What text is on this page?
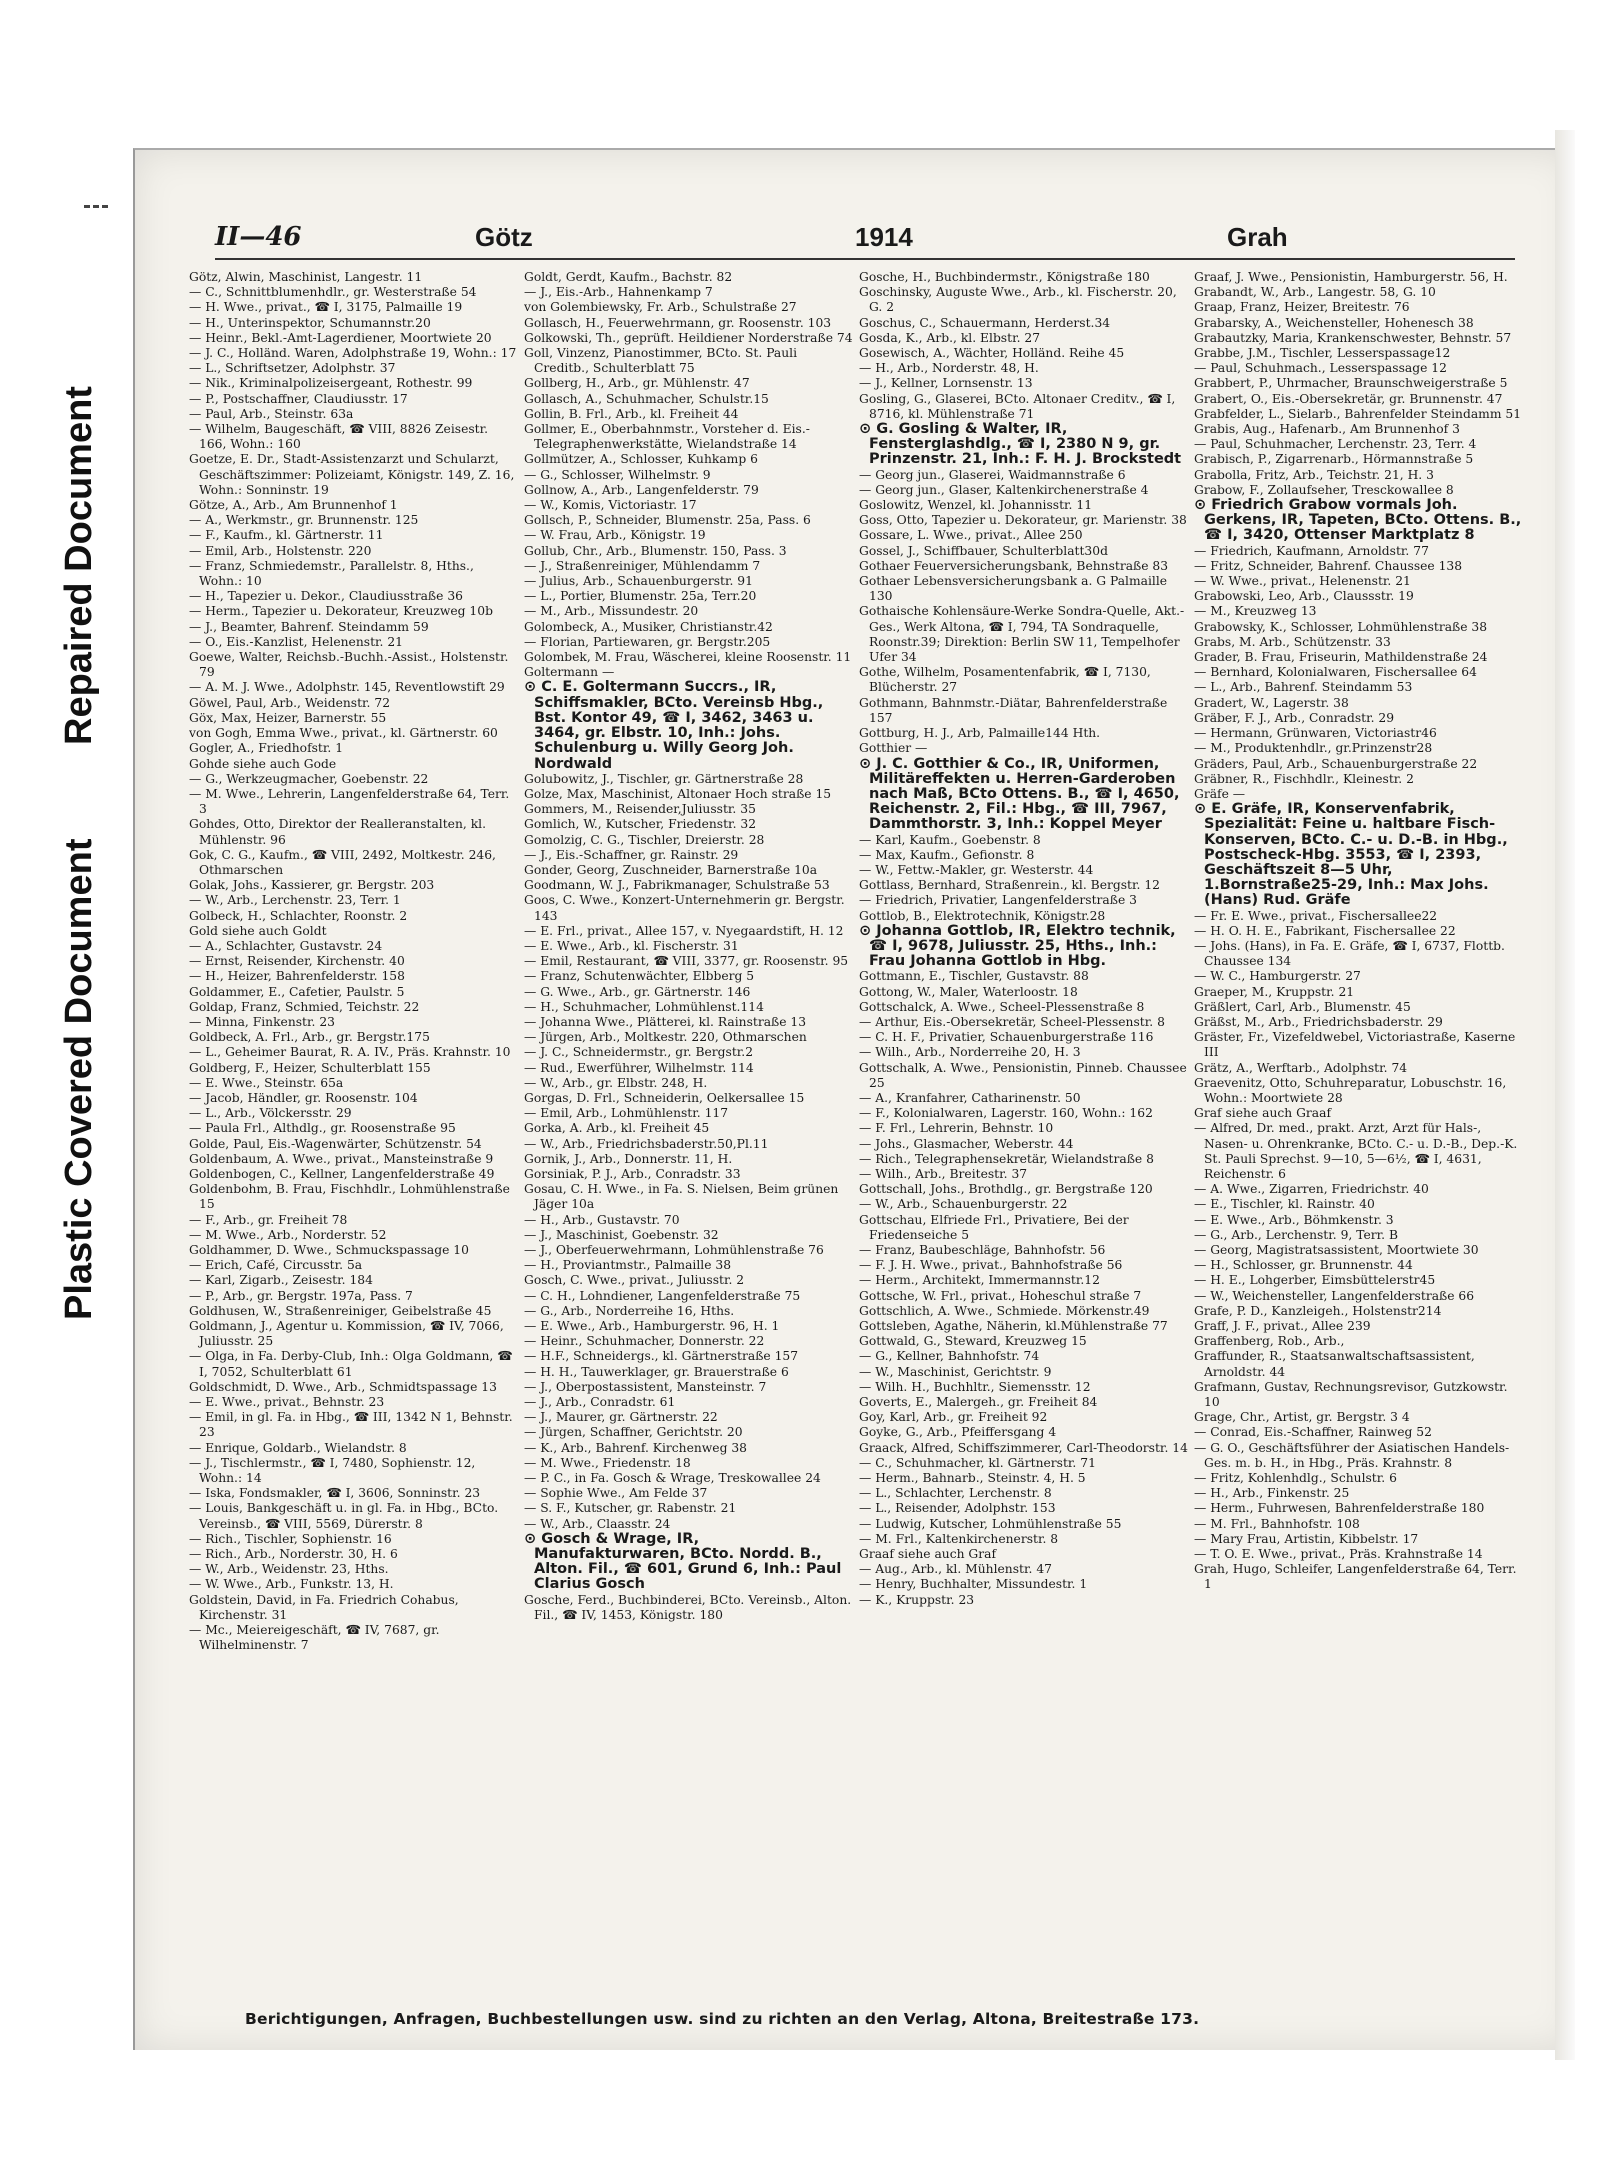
Repaired Document
Plastic Covered Document
II—46	Götz	1914	Grah
Götz, Alwin, Maschinist, Langestr. 11
— C., Schnittblumenhdlr., gr. Westerstraße 54
— H. Wwe., privat., ☎ I, 3175, Palmaille 19
— H., Unterinspektor, Schumannstr.20
— Heinr., Bekl.-Amt-Lagerdiener, Moortwiete 20
— J. C., Holländ. Waren, Adolphstraße 19, Wohn.: 17
— L., Schriftsetzer, Adolphstr. 37
— Nik., Kriminalpolizeisergeant, Rothestr. 99
— P., Postschaffner, Claudiusstr. 17
— Paul, Arb., Steinstr. 63a
— Wilhelm, Baugeschäft, ☎ VIII, 8826 Zeisestr. 166, Wohn.: 160
Goetze, E. Dr., Stadt-Assistenzarzt und Schularzt, Geschäftszimmer: Polizeiamt, Königstr. 149, Z. 16, Wohn.: Sonninstr. 19
Götze, A., Arb., Am Brunnenhof 1
— A., Werkmstr., gr. Brunnenstr. 125
— F., Kaufm., kl. Gärtnerstr. 11
— Emil, Arb., Holstenstr. 220
— Franz, Schmiedemstr., Parallelstr. 8, Hths., Wohn.: 10
— H., Tapezier u. Dekor., Claudiusstraße 36
— Herm., Tapezier u. Dekorateur, Kreuzweg 10b
— J., Beamter, Bahrenf. Steindamm 59
— O., Eis.-Kanzlist, Helenenstr. 21
Goewe, Walter, Reichsb.-Buchh.-Assist., Holstenstr. 79
— A. M. J. Wwe., Adolphstr. 145, Reventlowstift 29
Göwel, Paul, Arb., Weidenstr. 72
Göx, Max, Heizer, Barnerstr. 55
von Gogh, Emma Wwe., privat., kl. Gärtnerstr. 60
Gogler, A., Friedhofstr. 1
Gohde siehe auch Gode
— G., Werkzeugmacher, Goebenstr. 22
— M. Wwe., Lehrerin, Langenfelderstraße 64, Terr. 3
Gohdes, Otto, Direktor der Realleranstalten, kl. Mühlenstr. 96
Gok, C. G., Kaufm., ☎ VIII, 2492, Moltkestr. 246, Othmarschen
Golak, Johs., Kassierer, gr. Bergstr. 203
— W., Arb., Lerchenstr. 23, Terr. 1
Golbeck, H., Schlachter, Roonstr. 2
Gold siehe auch Goldt
— A., Schlachter, Gustavstr. 24
— Ernst, Reisender, Kirchenstr. 40
— H., Heizer, Bahrenfelderstr. 158
Goldammer, E., Cafetier, Paulstr. 5
Goldap, Franz, Schmied, Teichstr. 22
— Minna, Finkenstr. 23
Goldbeck, A. Frl., Arb., gr. Bergstr.175
— L., Geheimer Baurat, R. A. IV., Präs. Krahnstr. 10
Goldberg, F., Heizer, Schulterblatt 155
— E. Wwe., Steinstr. 65a
— Jacob, Händler, gr. Roosenstr. 104
— L., Arb., Völckersstr. 29
— Paula Frl., Althdlg., gr. Roosenstraße 95
Golde, Paul, Eis.-Wagenwärter, Schützenstr. 54
Goldenbaum, A. Wwe., privat., Mansteinstraße 9
Goldenbogen, C., Kellner, Langenfelderstraße 49
Goldenbohm, B. Frau, Fischhdlr., Lohmühlenstraße 15
— F., Arb., gr. Freiheit 78
— M. Wwe., Arb., Norderstr. 52
Goldhammer, D. Wwe., Schmuckspassage 10
— Erich, Café, Circusstr. 5a
— Karl, Zigarb., Zeisestr. 184
— P., Arb., gr. Bergstr. 197a, Pass. 7
Goldhusen, W., Straßenreiniger, Geibelstraße 45
Goldmann, J., Agentur u. Kommission, ☎ IV, 7066, Juliusstr. 25
— Olga, in Fa. Derby-Club, Inh.: Olga Goldmann, ☎ I, 7052, Schulterblatt 61
Goldschmidt, D. Wwe., Arb., Schmidtspassage 13
— E. Wwe., privat., Behnstr. 23
— Emil, in gl. Fa. in Hbg., ☎ III, 1342 N 1, Behnstr. 23
— Enrique, Goldarb., Wielandstr. 8
— J., Tischlermstr., ☎ I, 7480, Sophienstr. 12, Wohn.: 14
— Iska, Fondsmakler, ☎ I, 3606, Sonninstr. 23
— Louis, Bankgeschäft u. in gl. Fa. in Hbg., BCto. Vereinsb., ☎ VIII, 5569, Dürerstr. 8
— Rich., Tischler, Sophienstr. 16
— Rich., Arb., Norderstr. 30, H. 6
— W., Arb., Weidenstr. 23, Hths.
— W. Wwe., Arb., Funkstr. 13, H.
Goldstein, David, in Fa. Friedrich Cohabus, Kirchenstr. 31
— Mc., Meiereigeschäft, ☎ IV, 7687, gr. Wilhelminenstr. 7
Goldt, Gerdt, Kaufm., Bachstr. 82
— J., Eis.-Arb., Hahnenkamp 7
von Golembiewsky, Fr. Arb., Schulstraße 27
Gollasch, H., Feuerwehrmann, gr. Roosenstr. 103
Golkowski, Th., geprüft. Heildiener Norderstraße 74
Goll, Vinzenz, Pianostimmer, BCto. St. Pauli Creditb., Schulterblatt 75
Gollberg, H., Arb., gr. Mühlenstr. 47
Gollasch, A., Schuhmacher, Schulstr.15
Gollin, B. Frl., Arb., kl. Freiheit 44
Gollmer, E., Oberbahnmstr., Vorsteher d. Eis.-Telegraphenwerkstätte, Wielandstraße 14
Gollmützer, A., Schlosser, Kuhkamp 6
— G., Schlosser, Wilhelmstr. 9
Gollnow, A., Arb., Langenfelderstr. 79
— W., Komis, Victoriastr. 17
Gollsch, P., Schneider, Blumenstr. 25a, Pass. 6
— W. Frau, Arb., Königstr. 19
Gollub, Chr., Arb., Blumenstr. 150, Pass. 3
— J., Straßenreiniger, Mühlendamm 7
— Julius, Arb., Schauenburgerstr. 91
— L., Portier, Blumenstr. 25a, Terr.20
— M., Arb., Missundestr. 20
Golombeck, A., Musiker, Christianstr.42
— Florian, Partiewaren, gr. Bergstr.205
Golombek, M. Frau, Wäscherei, kleine Roosenstr. 11
Goltermann —
⊙ C. E. Goltermann Succrs., IR, Schiffsmakler, BCto. Vereinsb Hbg., Bst. Kontor 49, ☎ I, 3462, 3463 u. 3464, gr. Elbstr. 10, Inh.: Johs. Schulenburg u. Willy Georg Joh. Nordwald
Golubowitz, J., Tischler, gr. Gärtnerstraße 28
Golze, Max, Maschinist, Altonaer Hoch straße 15
Gommers, M., Reisender,Juliusstr. 35
Gomlich, W., Kutscher, Friedenstr. 32
Gomolzig, C. G., Tischler, Dreierstr. 28
— J., Eis.-Schaffner, gr. Rainstr. 29
Gonder, Georg, Zuschneider, Barnerstraße 10a
Goodmann, W. J., Fabrikmanager, Schulstraße 53
Goos, C. Wwe., Konzert-Unternehmerin gr. Bergstr. 143
— E. Frl., privat., Allee 157, v. Nyegaardstift, H. 12
— E. Wwe., Arb., kl. Fischerstr. 31
— Emil, Restaurant, ☎ VIII, 3377, gr. Roosenstr. 95
— Franz, Schutenwächter, Elbberg 5
— G. Wwe., Arb., gr. Gärtnerstr. 146
— H., Schuhmacher, Lohmühlenst.114
— Johanna Wwe., Plätterei, kl. Rainstraße 13
— Jürgen, Arb., Moltkestr. 220, Othmarschen
— J. C., Schneidermstr., gr. Bergstr.2
— Rud., Ewerführer, Wilhelmstr. 114
— W., Arb., gr. Elbstr. 248, H.
Gorgas, D. Frl., Schneiderin, Oelkersallee 15
— Emil, Arb., Lohmühlenstr. 117
Gorka, A. Arb., kl. Freiheit 45
— W., Arb., Friedrichsbaderstr.50,Pl.11
Gornik, J., Arb., Donnerstr. 11, H.
Gorsiniak, P. J., Arb., Conradstr. 33
Gosau, C. H. Wwe., in Fa. S. Nielsen, Beim grünen Jäger 10a
— H., Arb., Gustavstr. 70
— J., Maschinist, Goebenstr. 32
— J., Oberfeuerwehrmann, Lohmühlenstraße 76
— H., Proviantmstr., Palmaille 38
Gosch, C. Wwe., privat., Juliusstr. 2
— C. H., Lohndiener, Langenfelderstraße 75
— G., Arb., Norderreihe 16, Hths.
— E. Wwe., Arb., Hamburgerstr. 96, H. 1
— Heinr., Schuhmacher, Donnerstr. 22
— H.F., Schneidergs., kl. Gärtnerstraße 157
— H. H., Tauwerklager, gr. Brauerstraße 6
— J., Oberpostassistent, Mansteinstr. 7
— J., Arb., Conradstr. 61
— J., Maurer, gr. Gärtnerstr. 22
— Jürgen, Schaffner, Gerichtstr. 20
— K., Arb., Bahrenf. Kirchenweg 38
— M. Wwe., Friedenstr. 18
— P. C., in Fa. Gosch & Wrage, Treskowallee 24
— Sophie Wwe., Am Felde 37
— S. F., Kutscher, gr. Rabenstr. 21
— W., Arb., Claasstr. 24
⊙ Gosch & Wrage, IR, Manufakturwaren, BCto. Nordd. B., Alton. Fil., ☎ 601, Grund 6, Inh.: Paul Clarius Gosch
Gosche, Ferd., Buchbinderei, BCto. Vereinsb., Alton. Fil., ☎ IV, 1453, Königstr. 180
Gosche, H., Buchbindermstr., Königstraße 180
Goschinsky, Auguste Wwe., Arb., kl. Fischerstr. 20, G. 2
Goschus, C., Schauermann, Herderst.34
Gosda, K., Arb., kl. Elbstr. 27
Gosewisch, A., Wächter, Holländ. Reihe 45
— H., Arb., Norderstr. 48, H.
— J., Kellner, Lornsenstr. 13
Gosling, G., Glaserei, BCto. Altonaer Creditv., ☎ I, 8716, kl. Mühlenstraße 71
⊙ G. Gosling & Walter, IR, Fensterglashdlg., ☎ I, 2380 N 9, gr. Prinzenstr. 21, Inh.: F. H. J. Brockstedt
— Georg jun., Glaserei, Waidmannstraße 6
— Georg jun., Glaser, Kaltenkirchenerstraße 4
Goslowitz, Wenzel, kl. Johannisstr. 11
Goss, Otto, Tapezier u. Dekorateur, gr. Marienstr. 38
Gossare, L. Wwe., privat., Allee 250
Gossel, J., Schiffbauer, Schulterblatt30d
Gothaer Feuerversicherungsbank, Behnstraße 83
Gothaer Lebensversicherungsbank a. G Palmaille 130
Gothaische Kohlensäure-Werke Sondra-Quelle, Akt.-Ges., Werk Altona, ☎ I, 794, TA Sondraquelle, Roonstr.39; Direktion: Berlin SW 11, Tempelhofer Ufer 34
Gothe, Wilhelm, Posamentenfabrik, ☎ I, 7130, Blücherstr. 27
Gothmann, Bahnmstr.-Diätar, Bahrenfelderstraße 157
Gottburg, H. J., Arb, Palmaille144 Hth.
Gotthier —
⊙ J. C. Gotthier & Co., IR, Uniformen, Militäreffekten u. Herren-Garderoben nach Maß, BCto Ottens. B., ☎ I, 4650, Reichenstr. 2, Fil.: Hbg., ☎ III, 7967, Dammthorstr. 3, Inh.: Koppel Meyer
— Karl, Kaufm., Goebenstr. 8
— Max, Kaufm., Gefionstr. 8
— W., Fettw.-Makler, gr. Westerstr. 44
Gottlass, Bernhard, Straßenrein., kl. Bergstr. 12
— Friedrich, Privatier, Langenfelderstraße 3
Gottlob, B., Elektrotechnik, Königstr.28
⊙ Johanna Gottlob, IR, Elektro technik, ☎ I, 9678, Juliusstr. 25, Hths., Inh.: Frau Johanna Gottlob in Hbg.
Gottmann, E., Tischler, Gustavstr. 88
Gottong, W., Maler, Waterloostr. 18
Gottschalck, A. Wwe., Scheel-Plessenstraße 8
— Arthur, Eis.-Obersekretär, Scheel-Plessenstr. 8
— C. H. F., Privatier, Schauenburgerstraße 116
— Wilh., Arb., Norderreihe 20, H. 3
Gottschalk, A. Wwe., Pensionistin, Pinneb. Chaussee 25
— A., Kranfahrer, Catharinenstr. 50
— F., Kolonialwaren, Lagerstr. 160, Wohn.: 162
— F. Frl., Lehrerin, Behnstr. 10
— Johs., Glasmacher, Weberstr. 44
— Rich., Telegraphensekretär, Wielandstraße 8
— Wilh., Arb., Breitestr. 37
Gottschall, Johs., Brothdlg., gr. Bergstraße 120
— W., Arb., Schauenburgerstr. 22
Gottschau, Elfriede Frl., Privatiere, Bei der Friedenseiche 5
— Franz, Baubeschläge, Bahnhofstr. 56
— F. J. H. Wwe., privat., Bahnhofstraße 56
— Herm., Architekt, Immermannstr.12
Gottsche, W. Frl., privat., Hoheschul straße 7
Gottschlich, A. Wwe., Schmiede. Mörkenstr.49
Gottsleben, Agathe, Näherin, kl.Mühlenstraße 77
Gottwald, G., Steward, Kreuzweg 15
— G., Kellner, Bahnhofstr. 74
— W., Maschinist, Gerichtstr. 9
— Wilh. H., Buchhltr., Siemensstr. 12
Goverts, E., Malergeh., gr. Freiheit 84
Goy, Karl, Arb., gr. Freiheit 92
Goyke, G., Arb., Pfeiffersgang 4
Graack, Alfred, Schiffszimmerer, Carl-Theodorstr. 14
— C., Schuhmacher, kl. Gärtnerstr. 71
— Herm., Bahnarb., Steinstr. 4, H. 5
— L., Schlachter, Lerchenstr. 8
— L., Reisender, Adolphstr. 153
— Ludwig, Kutscher, Lohmühlenstraße 55
— M. Frl., Kaltenkirchenerstr. 8
Graaf siehe auch Graf
— Aug., Arb., kl. Mühlenstr. 47
— Henry, Buchhalter, Missundestr. 1
— K., Kruppstr. 23
Graaf, J. Wwe., Pensionistin, Hamburgerstr. 56, H.
Grabandt, W., Arb., Langestr. 58, G. 10
Graap, Franz, Heizer, Breitestr. 76
Grabarsky, A., Weichensteller, Hohenesch 38
Grabautzky, Maria, Krankenschwester, Behnstr. 57
Grabbe, J.M., Tischler, Lesserspassage12
— Paul, Schuhmach., Lesserspassage 12
Grabbert, P., Uhrmacher, Braunschweigerstraße 5
Grabert, O., Eis.-Obersekretär, gr. Brunnenstr. 47
Grabfelder, L., Sielarb., Bahrenfelder Steindamm 51
Grabis, Aug., Hafenarb., Am Brunnenhof 3
— Paul, Schuhmacher, Lerchenstr. 23, Terr. 4
Grabisch, P., Zigarrenarb., Hörmannstraße 5
Grabolla, Fritz, Arb., Teichstr. 21, H. 3
Grabow, F., Zollaufseher, Tresckowallee 8
⊙ Friedrich Grabow vormals Joh. Gerkens, IR, Tapeten, BCto. Ottens. B., ☎ I, 3420, Ottenser Marktplatz 8
— Friedrich, Kaufmann, Arnoldstr. 77
— Fritz, Schneider, Bahrenf. Chaussee 138
— W. Wwe., privat., Helenenstr. 21
Grabowski, Leo, Arb., Claussstr. 19
— M., Kreuzweg 13
Grabowsky, K., Schlosser, Lohmühlenstraße 38
Grabs, M. Arb., Schützenstr. 33
Grader, B. Frau, Friseurin, Mathildenstraße 24
— Bernhard, Kolonialwaren, Fischersallee 64
— L., Arb., Bahrenf. Steindamm 53
Gradert, W., Lagerstr. 38
Gräber, F. J., Arb., Conradstr. 29
— Hermann, Grünwaren, Victoriastr46
— M., Produktenhdlr., gr.Prinzenstr28
Gräders, Paul, Arb., Schauenburgerstraße 22
Gräbner, R., Fischhdlr., Kleinestr. 2
Gräfe —
⊙ E. Gräfe, IR, Konservenfabrik, Spezialität: Feine u. haltbare Fisch-Konserven, BCto. C.- u. D.-B. in Hbg., Postscheck-Hbg. 3553, ☎ I, 2393, Geschäftszeit 8—5 Uhr, 1.Bornstraße25-29, Inh.: Max Johs. (Hans) Rud. Gräfe
— Fr. E. Wwe., privat., Fischersallee22
— H. O. H. E., Fabrikant, Fischersallee 22
— Johs. (Hans), in Fa. E. Gräfe, ☎ I, 6737, Flottb. Chaussee 134
— W. C., Hamburgerstr. 27
Graeper, M., Kruppstr. 21
Gräßlert, Carl, Arb., Blumenstr. 45
Gräßst, M., Arb., Friedrichsbaderstr. 29
Gräster, Fr., Vizefeldwebel, Victoriastraße, Kaserne III
Grätz, A., Werftarb., Adolphstr. 74
Graevenitz, Otto, Schuhreparatur, Lobuschstr. 16, Wohn.: Moortwiete 28
Graf siehe auch Graaf
— Alfred, Dr. med., prakt. Arzt, Arzt für Hals-, Nasen- u. Ohrenkranke, BCto. C.- u. D.-B., Dep.-K. St. Pauli Sprechst. 9—10, 5—6½, ☎ I, 4631, Reichenstr. 6
— A. Wwe., Zigarren, Friedrichstr. 40
— E., Tischler, kl. Rainstr. 40
— E. Wwe., Arb., Böhmkenstr. 3
— G., Arb., Lerchenstr. 9, Terr. B
— Georg, Magistratsassistent, Moortwiete 30
— H., Schlosser, gr. Brunnenstr. 44
— H. E., Lohgerber, Eimsbüttelerstr45
— W., Weichensteller, Langenfelderstraße 66
Grafe, P. D., Kanzleigeh., Holstenstr214
Graff, J. F., privat., Allee 239
Graffenberg, Rob., Arb.,
Graffunder, R., Staatsanwaltschaftsassistent, Arnoldstr. 44
Grafmann, Gustav, Rechnungsrevisor, Gutzkowstr. 10
Grage, Chr., Artist, gr. Bergstr. 3 4
— Conrad, Eis.-Schaffner, Rainweg 52
— G. O., Geschäftsführer der Asiatischen Handels-Ges. m. b. H., in Hbg., Präs. Krahnstr. 8
— Fritz, Kohlenhdlg., Schulstr. 6
— H., Arb., Finkenstr. 25
— Herm., Fuhrwesen, Bahrenfelderstraße 180
— M. Frl., Bahnhofstr. 108
— Mary Frau, Artistin, Kibbelstr. 17
— T. O. E. Wwe., privat., Präs. Krahnstraße 14
Grah, Hugo, Schleifer, Langenfelderstraße 64, Terr. 1
Berichtigungen, Anfragen, Buchbestellungen usw. sind zu richten an den Verlag, Altona, Breitestraße 173.
